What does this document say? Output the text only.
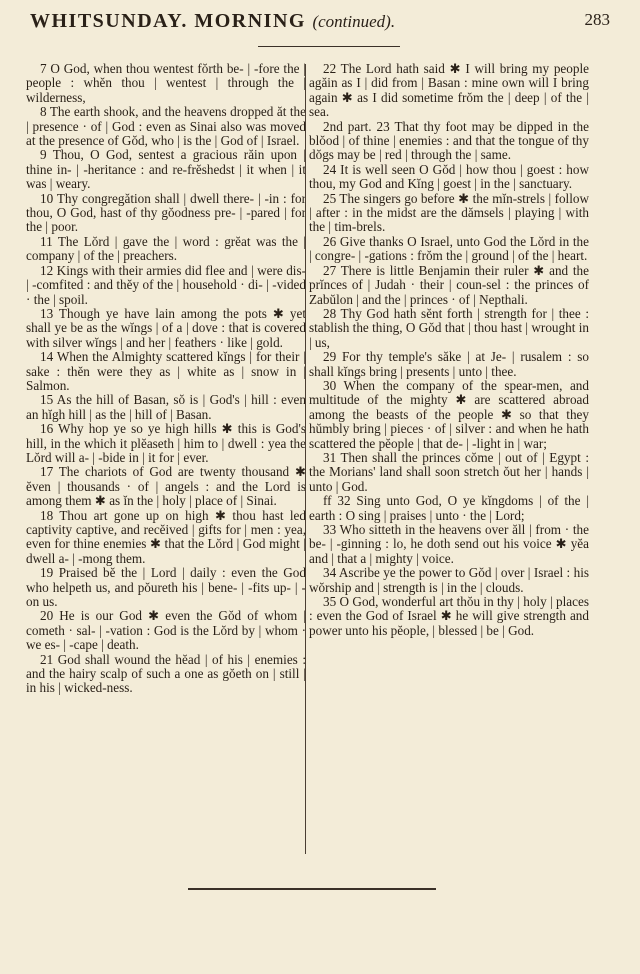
WHITSUNDAY. MORNING (continued).	283

7 O God, when thou wentest fŏrth be- | -fore the | people : whĕn thou | wentest | through the | wilderness,

8 The earth shook, and the heavens dropped ăt the | presence · of | God : even as Sinai also was moved at the presence of Gŏd, who | is the | God of | Israel.

9 Thou, O God, sentest a gracious răin upon | thine in- | -heritance : and re-frĕshedst | it when | it was | weary.

10 Thy congregătion shall | dwell there- | -in : for thou, O God, hast of thy gŏodness pre- | -pared | for the | poor.

11 The Lŏrd | gave the | word : grĕat was the | company | of the | preachers.

12 Kings with their armies did flee and | were dis- | -comfited : and thĕy of the | household · di- | -vided · the | spoil.

13 Though ye have lain among the pots ✱ yet shall ye be as the wĭngs | of a | dove : that is covered with silver wĭngs | and her | feathers · like | gold.

14 When the Almighty scattered kĭngs | for their | sake : thĕn were they as | white as | snow in | Salmon.

15 As the hill of Basan, sŏ is | God's | hill : even an hĭgh hill | as the | hill of | Basan.

16 Why hop ye so ye high hills ✱ this is God's hill, in the which it plĕaseth | him to | dwell : yea the Lŏrd will a- | -bide in | it for | ever.

17 The chariots of God are twenty thousand ✱ ĕven | thousands · of | angels : and the Lord is among them ✱ as ĭn the | holy | place of | Sinai.

18 Thou art gone up on high ✱ thou hast led captivity captive, and recĕived | gifts for | men : yea, even for thine enemies ✱ that the Lŏrd | God might | dwell a- | -mong them.

19 Praised bĕ the | Lord | daily : even the God who helpeth us, and pŏureth his | bene- | -fits up- | -on us.

20 He is our God ✱ even the Gŏd of whom | cometh · sal- | -vation : God is the Lŏrd by | whom · we es- | -cape | death.

21 God shall wound the hĕad | of his | enemies : and the hairy scalp of such a one as gŏeth on | still | in his | wicked-ness.

22 The Lord hath said ✱ I will bring my people agăin as I | did from | Basan : mine own will I bring again ✱ as I did sometime frŏm the | deep | of the | sea.

2nd part. 23 That thy foot may be dipped in the blŏod | of thine | enemies : and that the tongue of thy dŏgs may be | red | through the | same.

24 It is well seen O Gŏd | how thou | goest : how thou, my God and Kĭng | goest | in the | sanctuary.

25 The singers go before ✱ the mĭn-strels | follow | after : in the midst are the dămsels | playing | with the | tim-brels.

26 Give thanks O Israel, unto God the Lŏrd in the | congre- | -gations : frŏm the | ground | of the | heart.

27 There is little Benjamin their ruler ✱ and the prĭnces of | Judah · their | coun-sel : the princes of Zabŭlon | and the | princes · of | Nepthali.

28 Thy God hath sĕnt forth | strength for | thee : stablish the thing, O Gŏd that | thou hast | wrought in | us,

29 For thy temple's săke | at Je- | rusalem : so shall kĭngs bring | presents | unto | thee.

30 When the company of the spear-men, and multitude of the mighty ✱ are scattered abroad among the beasts of the people ✱ so that they hŭmbly bring | pieces · of | silver : and when he hath scattered the pĕople | that de- | -light in | war;

31 Then shall the princes cŏme | out of | Egypt : the Morians' land shall soon stretch ŏut her | hands | unto | God.

ff 32 Sing unto God, O ye kĭngdoms | of the | earth : O sing | praises | unto · the | Lord;

33 Who sitteth in the heavens over ăll | from · the be- | -ginning : lo, he doth send out his voice ✱ yĕa and | that a | mighty | voice.

34 Ascribe ye the power to Gŏd | over | Israel : his wŏrship and | strength is | in the | clouds.

35 O God, wonderful art thŏu in thy | holy | places : even the God of Israel ✱ he will give strength and power unto his pĕople, | blessed | be | God.
